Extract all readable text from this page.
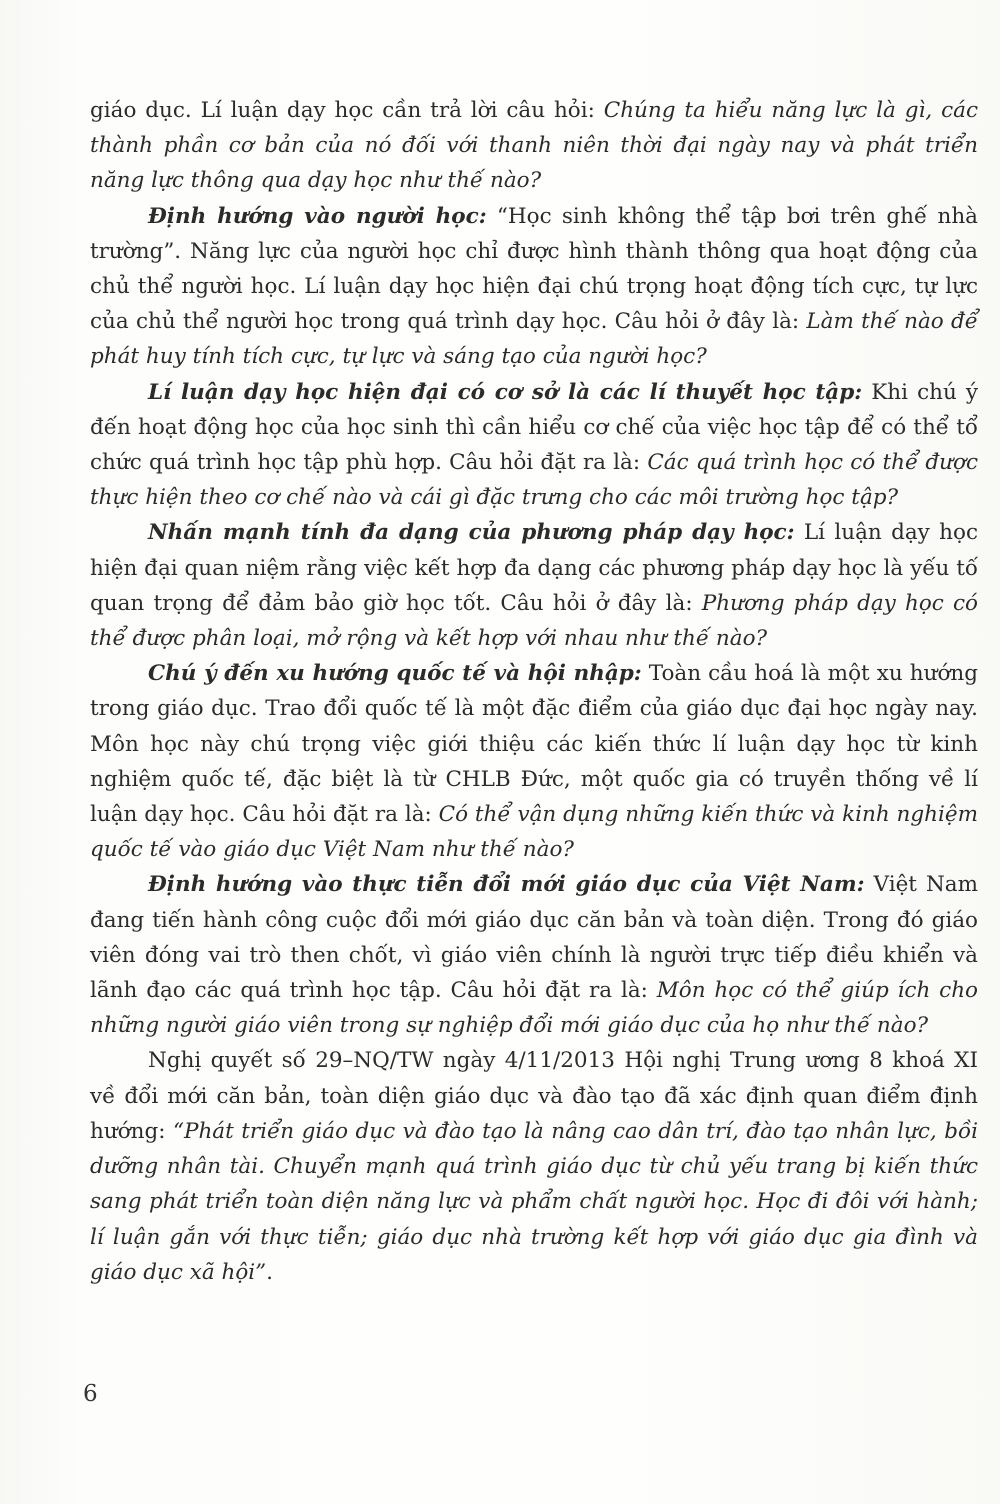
giáo dục. Lí luận dạy học cần trả lời câu hỏi: Chúng ta hiểu năng lực là gì, các thành phần cơ bản của nó đối với thanh niên thời đại ngày nay và phát triển năng lực thông qua dạy học như thế nào?

Định hướng vào người học: “Học sinh không thể tập bơi trên ghế nhà trường”. Năng lực của người học chỉ được hình thành thông qua hoạt động của chủ thể người học. Lí luận dạy học hiện đại chú trọng hoạt động tích cực, tự lực của chủ thể người học trong quá trình dạy học. Câu hỏi ở đây là: Làm thế nào để phát huy tính tích cực, tự lực và sáng tạo của người học?

Lí luận dạy học hiện đại có cơ sở là các lí thuyết học tập: Khi chú ý đến hoạt động học của học sinh thì cần hiểu cơ chế của việc học tập để có thể tổ chức quá trình học tập phù hợp. Câu hỏi đặt ra là: Các quá trình học có thể được thực hiện theo cơ chế nào và cái gì đặc trưng cho các môi trường học tập?

Nhấn mạnh tính đa dạng của phương pháp dạy học: Lí luận dạy học hiện đại quan niệm rằng việc kết hợp đa dạng các phương pháp dạy học là yếu tố quan trọng để đảm bảo giờ học tốt. Câu hỏi ở đây là: Phương pháp dạy học có thể được phân loại, mở rộng và kết hợp với nhau như thế nào?

Chú ý đến xu hướng quốc tế và hội nhập: Toàn cầu hoá là một xu hướng trong giáo dục. Trao đổi quốc tế là một đặc điểm của giáo dục đại học ngày nay. Môn học này chú trọng việc giới thiệu các kiến thức lí luận dạy học từ kinh nghiệm quốc tế, đặc biệt là từ CHLB Đức, một quốc gia có truyền thống về lí luận dạy học. Câu hỏi đặt ra là: Có thể vận dụng những kiến thức và kinh nghiệm quốc tế vào giáo dục Việt Nam như thế nào?

Định hướng vào thực tiễn đổi mới giáo dục của Việt Nam: Việt Nam đang tiến hành công cuộc đổi mới giáo dục căn bản và toàn diện. Trong đó giáo viên đóng vai trò then chốt, vì giáo viên chính là người trực tiếp điều khiển và lãnh đạo các quá trình học tập. Câu hỏi đặt ra là: Môn học có thể giúp ích cho những người giáo viên trong sự nghiệp đổi mới giáo dục của họ như thế nào?

Nghị quyết số 29–NQ/TW ngày 4/11/2013 Hội nghị Trung ương 8 khoá XI về đổi mới căn bản, toàn diện giáo dục và đào tạo đã xác định quan điểm định hướng: “Phát triển giáo dục và đào tạo là nâng cao dân trí, đào tạo nhân lực, bồi dưỡng nhân tài. Chuyển mạnh quá trình giáo dục từ chủ yếu trang bị kiến thức sang phát triển toàn diện năng lực và phẩm chất người học. Học đi đôi với hành; lí luận gắn với thực tiễn; giáo dục nhà trường kết hợp với giáo dục gia đình và giáo dục xã hội”.

6
